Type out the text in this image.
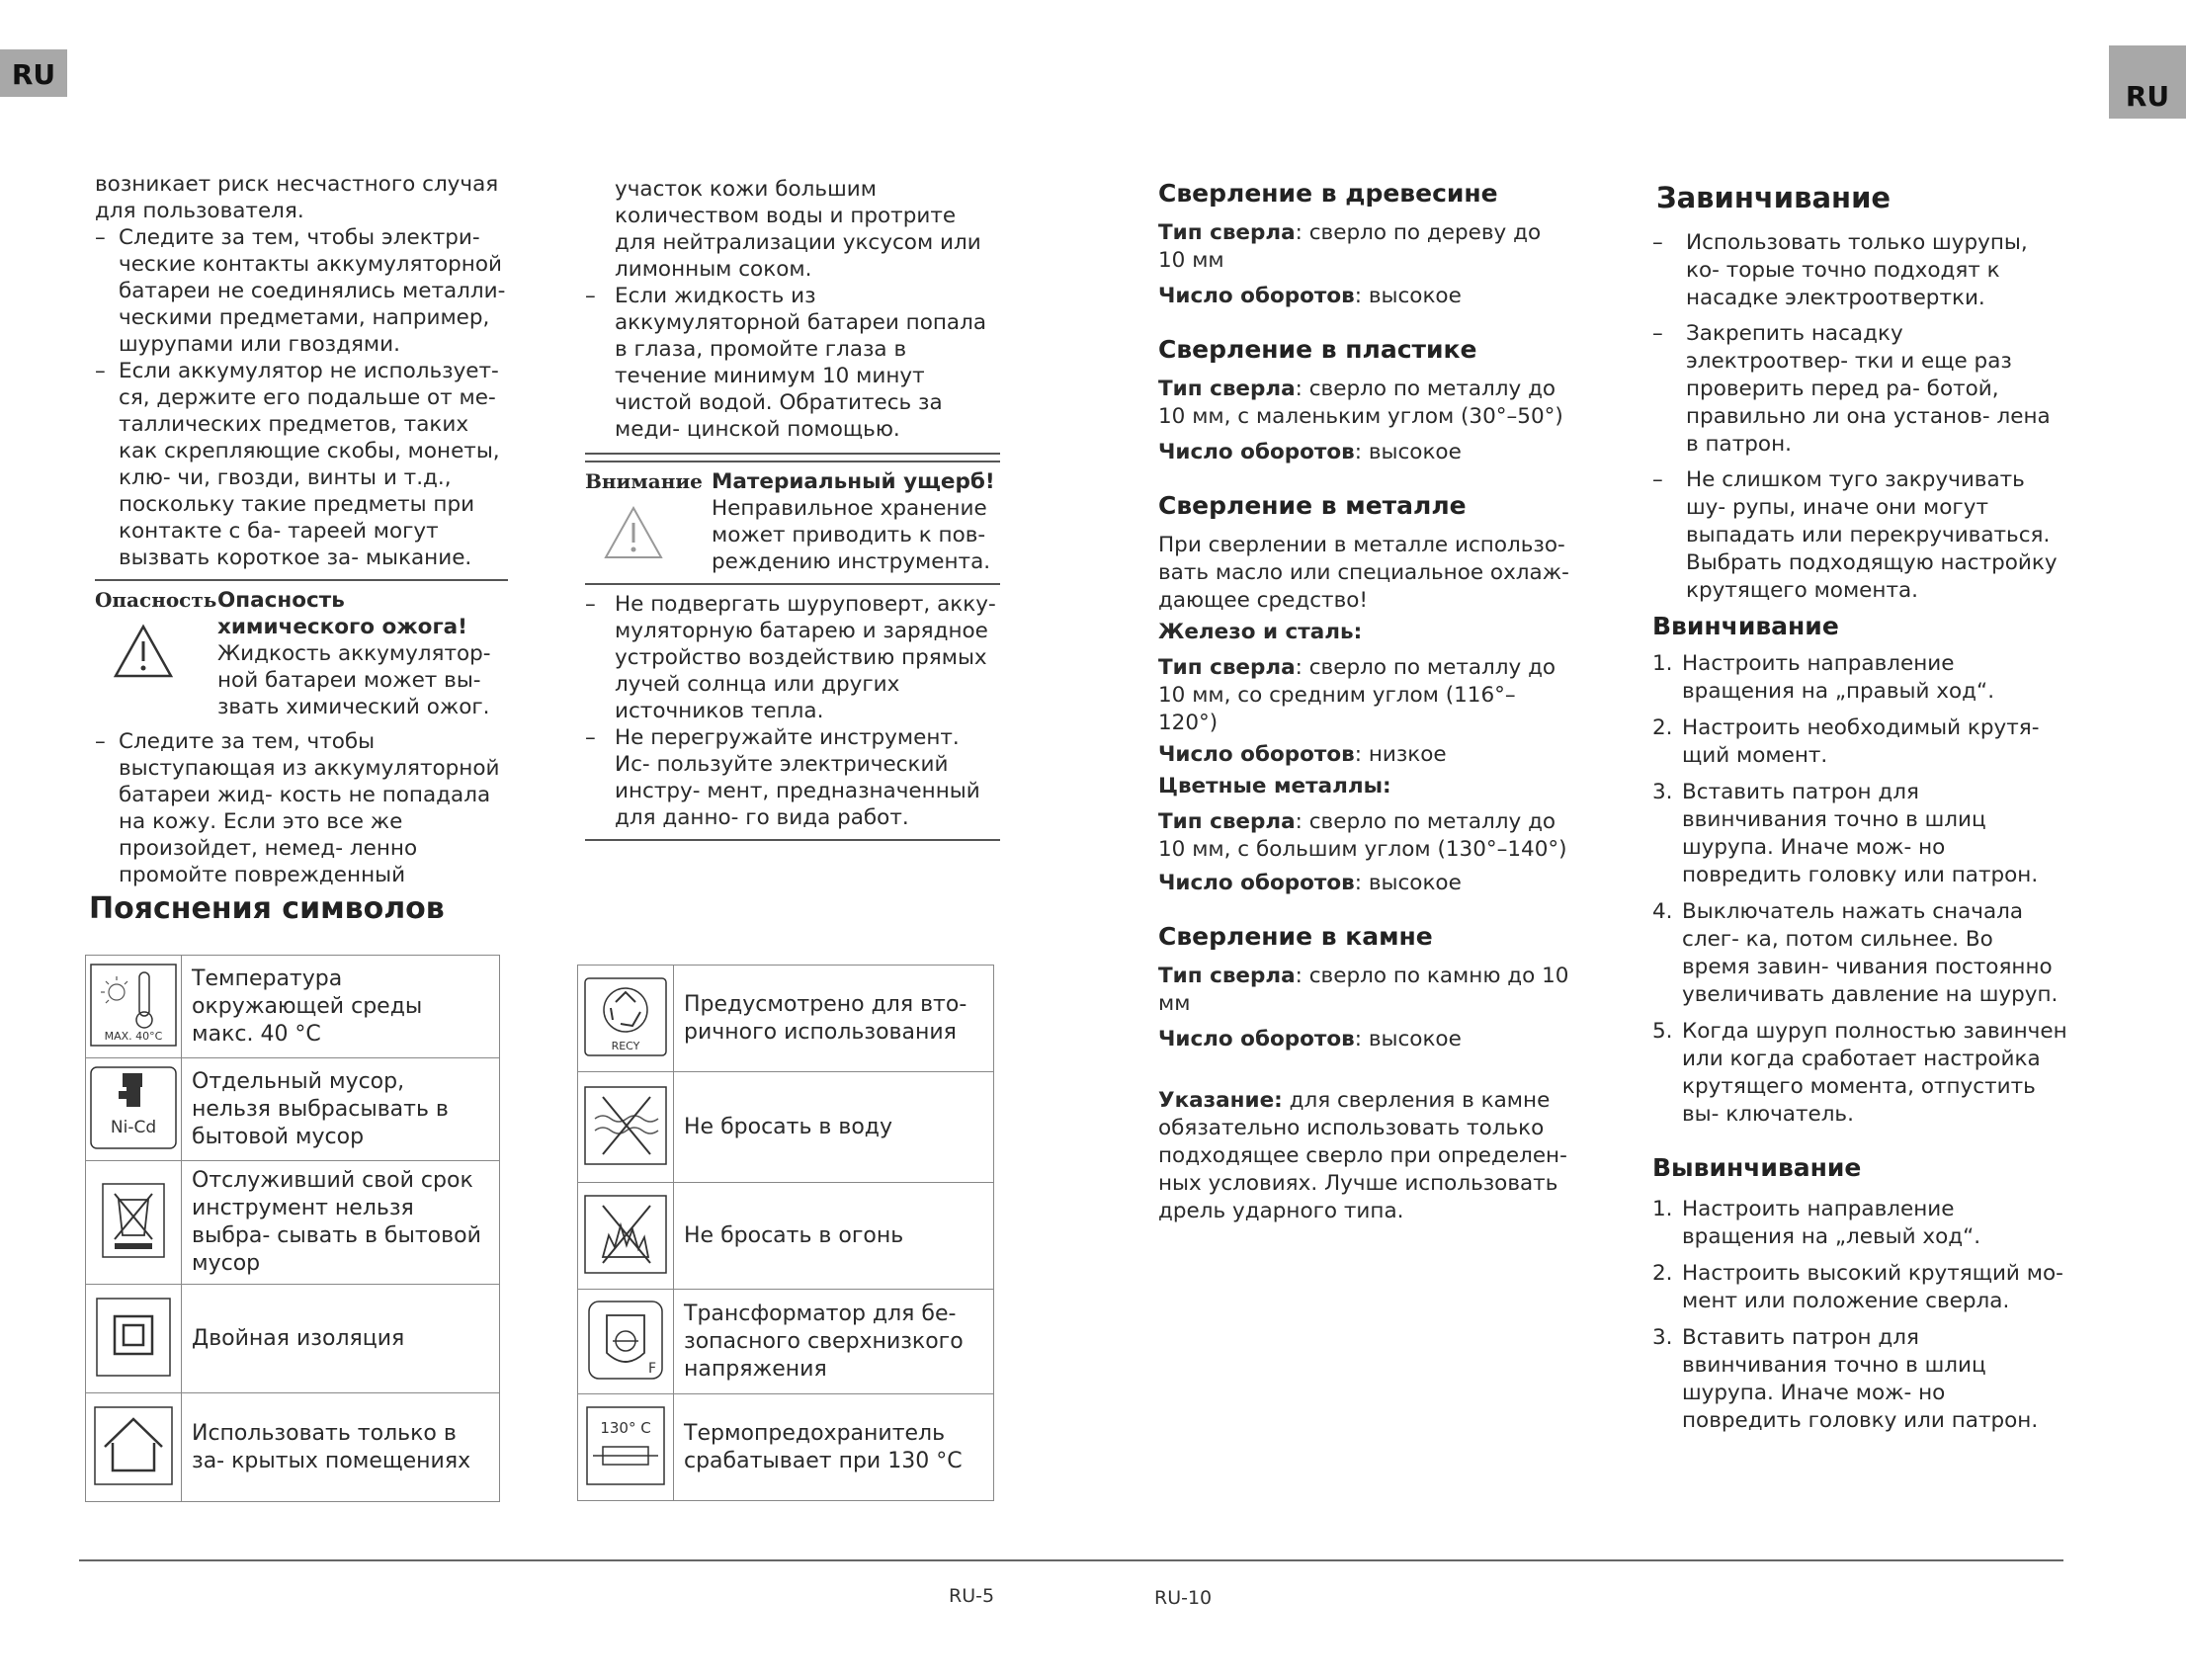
RU
RU

возникает риск несчастного случая для пользователя.

– Следите за тем, чтобы электри- ческие контакты аккумуляторной батареи не соединялись металли- ческими предметами, например, шурупами или гвоздями.
– Если аккумулятор не использует- ся, держите его подальше от ме- таллических предметов, таких как скрепляющие скобы, монеты, клю- чи, гвозди, винты и т.д., поскольку такие предметы при контакте с ба- тареей могут вызвать короткое за- мыкание.
Опасность Опасность химического ожога!
Жидкость аккумулятор- ной батареи может вы- звать химический ожог.
– Следите за тем, чтобы выступающая из аккумуляторной батареи жид- кость не попадала на кожу. Если это все же произойдет, немед- ленно промойте поврежденный

участок кожи большим количеством воды и протрите для нейтрализации уксусом или лимонным соком.

– Если жидкость из аккумуляторной батареи попала в глаза, промойте глаза в течение минимум 10 минут чистой водой. Обратитесь за меди- цинской помощью.
Внимание Материальный ущерб!
Неправильное хранение может приводить к пов- реждению инструмента.
– Не подвергать шуруповерт, акку- муляторную батарею и зарядное устройство воздействию прямых лучей солнца или других источников тепла.
– Не перегружайте инструмент. Ис- пользуйте электрический инстру- мент, предназначенный для данно- го вида работ.
Пояснения символов
MAX. 40°C	Температура окружающей среды макс. 40 °C

Ni-Cd	Отдельный мусор, нельзя выбрасывать в бытовой мусор
	Отслуживший свой срок инструмент нельзя выбра- сывать в бытовой мусор
	Двойная изоляция
	Использовать только в за- крытых помещениях
RECY	Предусмотрено для вто- ричного использования
	Не бросать в воду
	Не бросать в огонь

F	Трансформатор для бе- зопасного сверхнизкого напряжения

130° C	Термопредохранитель срабатывает при 130 °C
Сверление в древесине

Тип сверла: сверло по дереву до 10 мм

Число оборотов: высокое

Сверление в пластике

Тип сверла: сверло по металлу до 10 мм, с маленьким углом (30°–50°)

Число оборотов: высокое

Сверление в металле

При сверлении в металле использо- вать масло или специальное охлаж- дающее средство!

Железо и сталь:

Тип сверла: сверло по металлу до 10 мм, со средним углом (116°–120°)

Число оборотов: низкое

Цветные металлы:

Тип сверла: сверло по металлу до 10 мм, с большим углом (130°–140°)

Число оборотов: высокое

Сверление в камне

Тип сверла: сверло по камню до 10 мм

Число оборотов: высокое

Указание: для сверления в камне обязательно использовать только подходящее сверло при определен- ных условиях. Лучше использовать дрель ударного типа.

Завинчивание
–	Использовать только шурупы, ко- торые точно подходят к насадке электроотвертки.
–	Закрепить насадку электроотвер- тки и еще раз проверить перед ра- ботой, правильно ли она установ- лена в патрон.
–	Не слишком туго закручивать шу- рупы, иначе они могут выпадать или перекручиваться. Выбрать подходящую настройку крутящего момента.
Ввинчивание
1. Настроить направление вращения на „правый ход“.
2. Настроить необходимый крутя- щий момент.
3. Вставить патрон для ввинчивания точно в шлиц шурупа. Иначе мож- но повредить головку или патрон.
4. Выключатель нажать сначала слег- ка, потом сильнее. Во время завин- чивания постоянно увеличивать давление на шуруп.
5. Когда шуруп полностью завинчен или когда сработает настройка крутящего момента, отпустить вы- ключатель.
Вывинчивание
1. Настроить направление вращения на „левый ход“.
2. Настроить высокий крутящий мо- мент или положение сверла.
3. Вставить патрон для ввинчивания точно в шлиц шурупа. Иначе мож- но повредить головку или патрон.
RU-5	RU-10
